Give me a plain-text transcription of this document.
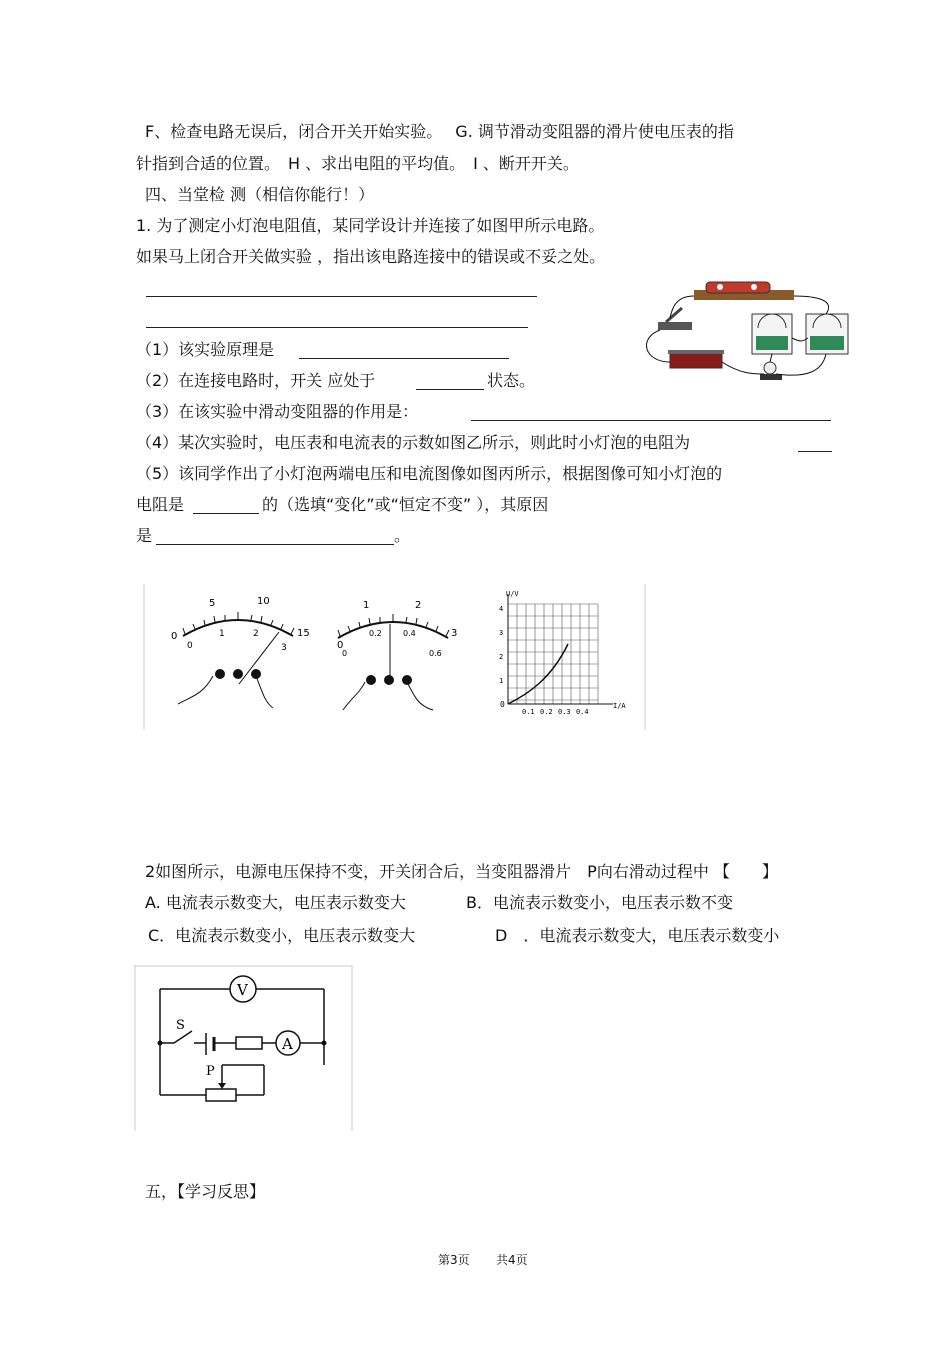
F、检查电路无误后，闭合开关开始实验。　 G. 调节滑动变阻器的滑片使电压表的指
针指到合适的位置。　H 、求出电阻的平均值。　I 、断开开关。
四、当堂检 测（相信你能行！）
1. 为了测定小灯泡电阻值，某同学设计并连接了如图甲所示电路。
如果马上闭合开关做实验 ，指出该电路连接中的错误或不妥之处。
（1）该实验原理是
（2）在连接电路时，开关 应处于	状态。
（3）在该实验中滑动变阻器的作用是：
（4）某次实验时，电压表和电流表的示数如图乙所示，则此时小灯泡的电阻为
（5）该同学作出了小灯泡两端电压和电流图像如图丙所示，根据图像可知小灯泡的
电阻是	的（选填“变化”或“恒定不变” ），其原因
是	。
0
5	10
15
0
1	2
3	0
1	2
3
0
0.2	0.4
0.6
U/V
I/A
0
1
2
3
4
0.1 0.2 0.3 0.4
2如图所示，电源电压保持不变，开关闭合后，当变阻器滑片　P向右滑动过程中 【　　】
A. 电流表示数变大，电压表示数变大	B．电流表示数变小，电压表示数不变
C．电流表示数变小，电压表示数变大	D　．电流表示数变大，电压表示数变小
V
A
S
P
五，【学习反思】
第3页 共4页
